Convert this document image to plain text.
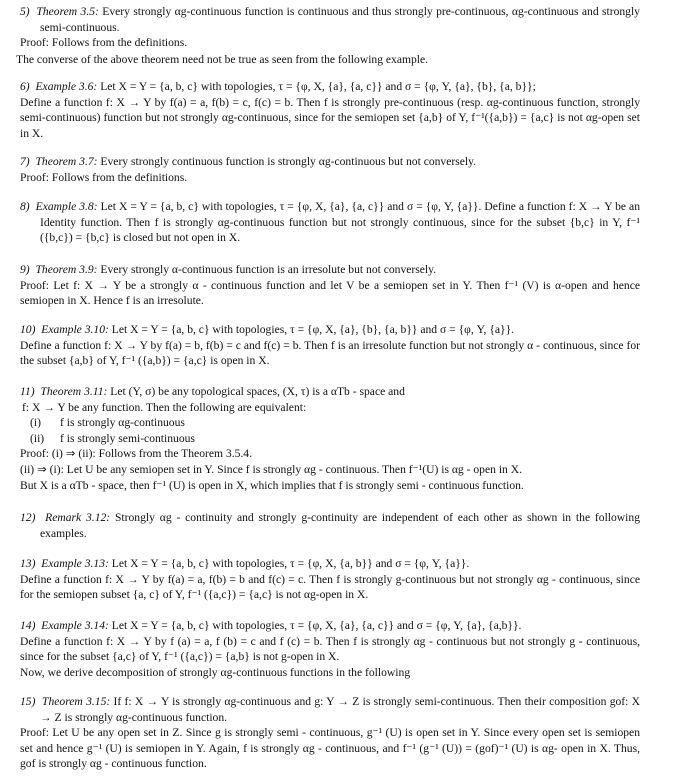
5) Theorem 3.5: Every strongly αg-continuous function is continuous and thus strongly pre-continuous, αg-continuous and strongly semi-continuous.

Proof: Follows from the definitions.

The converse of the above theorem need not be true as seen from the following example.

6) Example 3.6: Let X = Y = {a, b, c} with topologies, τ = {φ, X, {a}, {a, c}} and σ = {φ, Y, {a}, {b}, {a, b}};

Define a function f: X → Y by f(a) = a, f(b) = c, f(c) = b. Then f is strongly pre-continuous (resp. αg-continuous function, strongly semi-continuous) function but not strongly αg-continuous, since for the semiopen set {a,b} of Y, f⁻¹({a,b}) = {a,c} is not αg-open set in X.

7) Theorem 3.7: Every strongly continuous function is strongly αg-continuous but not conversely.

Proof: Follows from the definitions.

8) Example 3.8: Let X = Y = {a, b, c} with topologies, τ = {φ, X, {a}, {a, c}} and σ = {φ, Y, {a}}. Define a function f: X → Y be an Identity function. Then f is strongly αg-continuous function but not strongly continuous, since for the subset {b,c} in Y, f⁻¹ ({b,c}) = {b,c} is closed but not open in X.

9) Theorem 3.9: Every strongly α-continuous function is an irresolute but not conversely.

Proof: Let f: X → Y be a strongly α - continuous function and let V be a semiopen set in Y. Then f⁻¹ (V) is α-open and hence semiopen in X. Hence f is an irresolute.

10) Example 3.10: Let X = Y = {a, b, c} with topologies, τ = {φ, X, {a}, {b}, {a, b}} and σ = {φ, Y, {a}}.

Define a function f: X → Y by f(a) = b, f(b) = c and f(c) = b. Then f is an irresolute function but not strongly α - continuous, since for the subset {a,b} of Y, f⁻¹ ({a,b}) = {a,c} is open in X.

11) Theorem 3.11: Let (Y, σ) be any topological spaces, (X, τ) is a αTb - space and

f: X → Y be any function. Then the following are equivalent:

(i) f is strongly αg-continuous

(ii) f is strongly semi-continuous

Proof: (i) ⇒ (ii): Follows from the Theorem 3.5.4.

(ii) ⇒ (i): Let U be any semiopen set in Y. Since f is strongly αg - continuous. Then f⁻¹(U) is αg - open in X.

But X is a αTb - space, then f⁻¹ (U) is open in X, which implies that f is strongly semi - continuous function.

12) Remark 3.12: Strongly αg - continuity and strongly g-continuity are independent of each other as shown in the following examples.

13) Example 3.13: Let X = Y = {a, b, c} with topologies, τ = {φ, X, {a, b}} and σ = {φ, Y, {a}}.

Define a function f: X → Y by f(a) = a, f(b) = b and f(c) = c. Then f is strongly g-continuous but not strongly αg - continuous, since for the semiopen subset {a, c} of Y, f⁻¹ ({a,c}) = {a,c} is not αg-open in X.

14) Example 3.14: Let X = Y = {a, b, c} with topologies, τ = {φ, X, {a}, {a, c}} and σ = {φ, Y, {a}, {a,b}}.

Define a function f: X → Y by f (a) = a, f (b) = c and f (c) = b. Then f is strongly αg - continuous but not strongly g - continuous, since for the subset {a,c} of Y, f⁻¹ ({a,c}) = {a,b} is not g-open in X.

Now, we derive decomposition of strongly αg-continuous functions in the following

15) Theorem 3.15: If f: X → Y is strongly αg-continuous and g: Y → Z is strongly semi-continuous. Then their composition gof: X → Z is strongly αg-continuous function.

Proof: Let U be any open set in Z. Since g is strongly semi - continuous, g⁻¹ (U) is open set in Y. Since every open set is semiopen set and hence g⁻¹ (U) is semiopen in Y. Again, f is strongly αg - continuous, and f⁻¹ (g⁻¹ (U)) = (gof)⁻¹ (U) is αg- open in X. Thus, gof is strongly αg - continuous function.
